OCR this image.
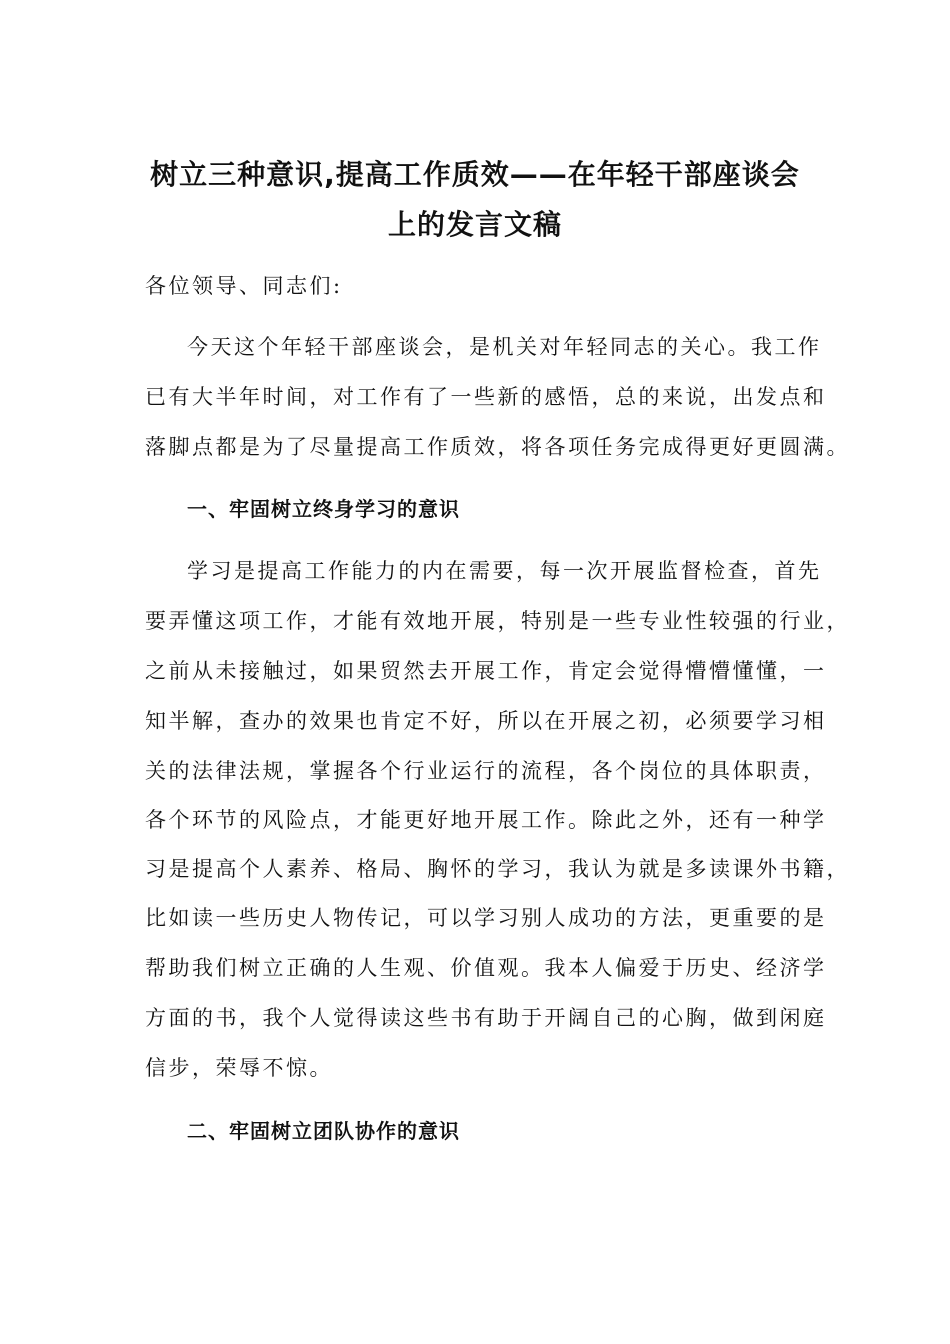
树立三种意识,提高工作质效——在年轻干部座谈会
上的发言文稿
各位领导、同志们:
今天这个年轻干部座谈会，是机关对年轻同志的关心。我工作
已有大半年时间，对工作有了一些新的感悟，总的来说，出发点和
落脚点都是为了尽量提高工作质效，将各项任务完成得更好更圆满。
一、牢固树立终身学习的意识
学习是提高工作能力的内在需要，每一次开展监督检查，首先
要弄懂这项工作，才能有效地开展，特别是一些专业性较强的行业，
之前从未接触过，如果贸然去开展工作，肯定会觉得懵懵懂懂，一
知半解，查办的效果也肯定不好，所以在开展之初，必须要学习相
关的法律法规，掌握各个行业运行的流程，各个岗位的具体职责，
各个环节的风险点，才能更好地开展工作。除此之外，还有一种学
习是提高个人素养、格局、胸怀的学习，我认为就是多读课外书籍，
比如读一些历史人物传记，可以学习别人成功的方法，更重要的是
帮助我们树立正确的人生观、价值观。我本人偏爱于历史、经济学
方面的书，我个人觉得读这些书有助于开阔自己的心胸，做到闲庭
信步，荣辱不惊。
二、牢固树立团队协作的意识
